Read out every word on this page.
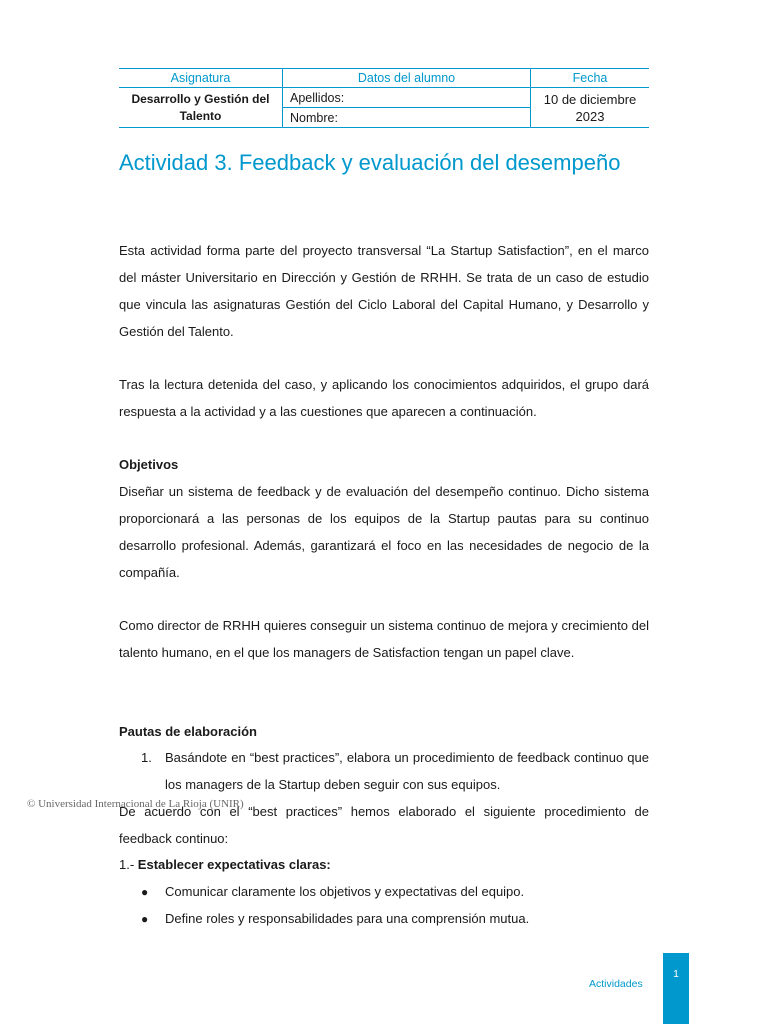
Asignatura	Datos del alumno	Fecha
Desarrollo y Gestión del Talento	Apellidos:	10 de diciembre 2023
	Nombre:	
Actividad 3. Feedback y evaluación del desempeño

Esta actividad forma parte del proyecto transversal “La Startup Satisfaction”, en el marco del máster Universitario en Dirección y Gestión de RRHH. Se trata de un caso de estudio que vincula las asignaturas Gestión del Ciclo Laboral del Capital Humano, y Desarrollo y Gestión del Talento.

Tras la lectura detenida del caso, y aplicando los conocimientos adquiridos, el grupo dará respuesta a la actividad y a las cuestiones que aparecen a continuación.

Objetivos

Diseñar un sistema de feedback y de evaluación del desempeño continuo. Dicho sistema proporcionará a las personas de los equipos de la Startup pautas para su continuo desarrollo profesional. Además, garantizará el foco en las necesidades de negocio de la compañía.

Como director de RRHH quieres conseguir un sistema continuo de mejora y crecimiento del talento humano, en el que los managers de Satisfaction tengan un papel clave.

Pautas de elaboración

1. Basándote en “best practices”, elabora un procedimiento de feedback continuo que los managers de la Startup deben seguir con sus equipos.

De acuerdo con el “best practices” hemos elaborado el siguiente procedimiento de feedback continuo:

1.- Establecer expectativas claras:

● Comunicar claramente los objetivos y expectativas del equipo.
● Define roles y responsabilidades para una comprensión mutua.
© Universidad Internacional de La Rioja (UNIR)
Actividades
1
